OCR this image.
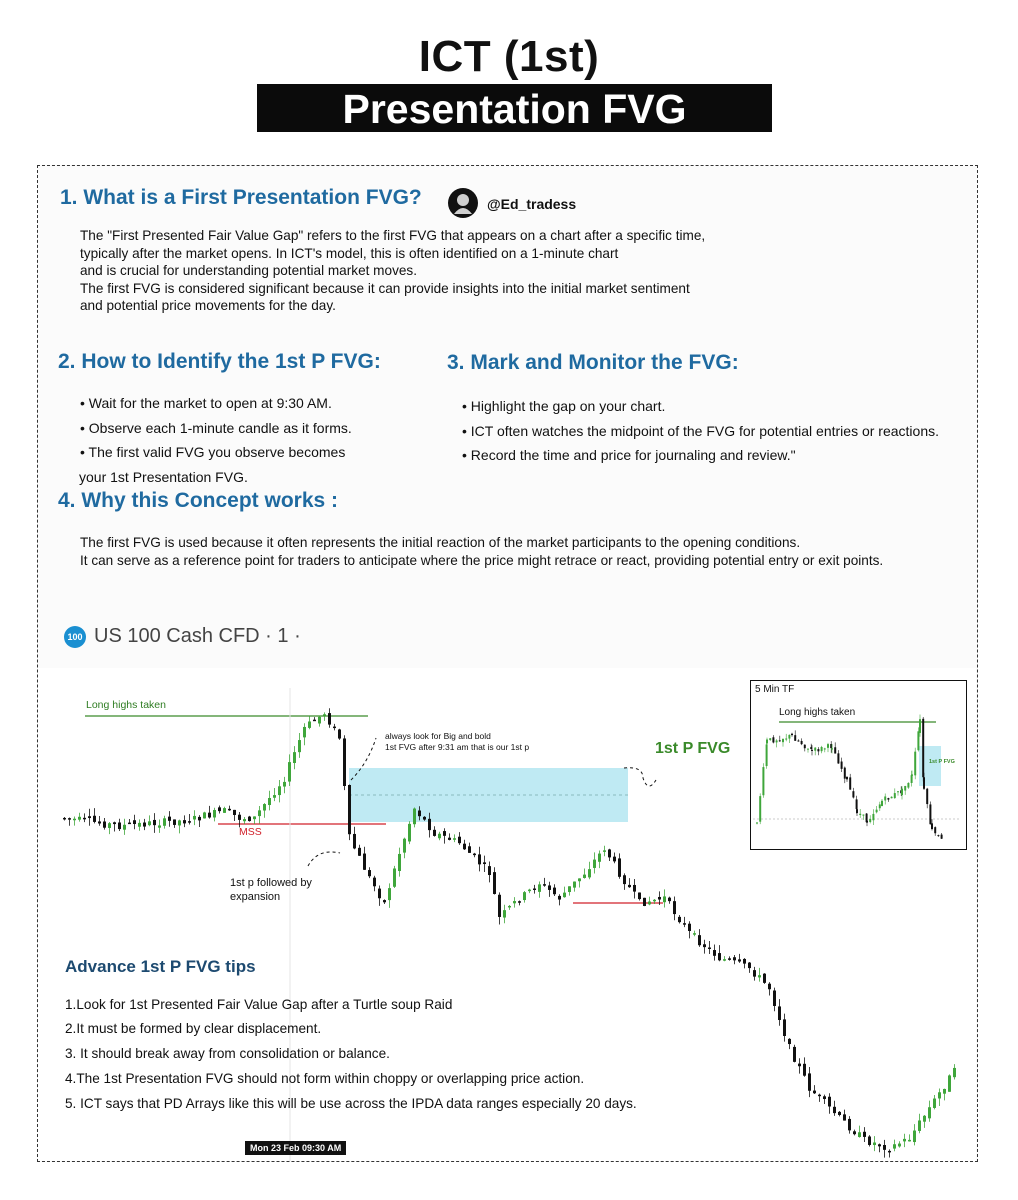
ICT (1st)
Presentation FVG
1. What is a First Presentation FVG?	@Ed_tradess
The "First Presented Fair Value Gap" refers to the first FVG that appears on a chart after a specific time,
typically after the market opens. In ICT's model, this is often identified on a 1-minute chart
and is crucial for understanding potential market moves.
The first FVG is considered significant because it can provide insights into the initial market sentiment
and potential price movements for the day.
2. How to Identify the 1st P FVG:
• Wait for the market to open at 9:30 AM.
• Observe each 1-minute candle as it forms.
• The first valid FVG you observe becomes
your 1st Presentation FVG.
3. Mark and Monitor the FVG:
• Highlight the gap on your chart.
• ICT often watches the midpoint of the FVG for potential entries or reactions.
• Record the time and price for journaling and review."
4. Why this Concept works :
The first FVG is used because it often represents the initial reaction of the market participants to the opening conditions.
It can serve as a reference point for traders to anticipate where the price might retrace or react, providing potential entry or exit points.
100 US 100 Cash CFD · 1 ·
Long highs taken
MSS
always look for Big and bold
1st FVG after 9:31 am that is our 1st p	1st P FVG
1st p followed by
expansion
5 Min TF
Long highs taken
1st P FVG
Advance 1st P FVG tips
1.Look for 1st Presented Fair Value Gap after a Turtle soup Raid
2.It must be formed by clear displacement.
3. It should break away from consolidation or balance.
4.The 1st Presentation FVG should not form within choppy or overlapping price action.
5. ICT says that PD Arrays like this will be use across the IPDA data ranges especially 20 days.
Mon 23 Feb 09:30 AM
